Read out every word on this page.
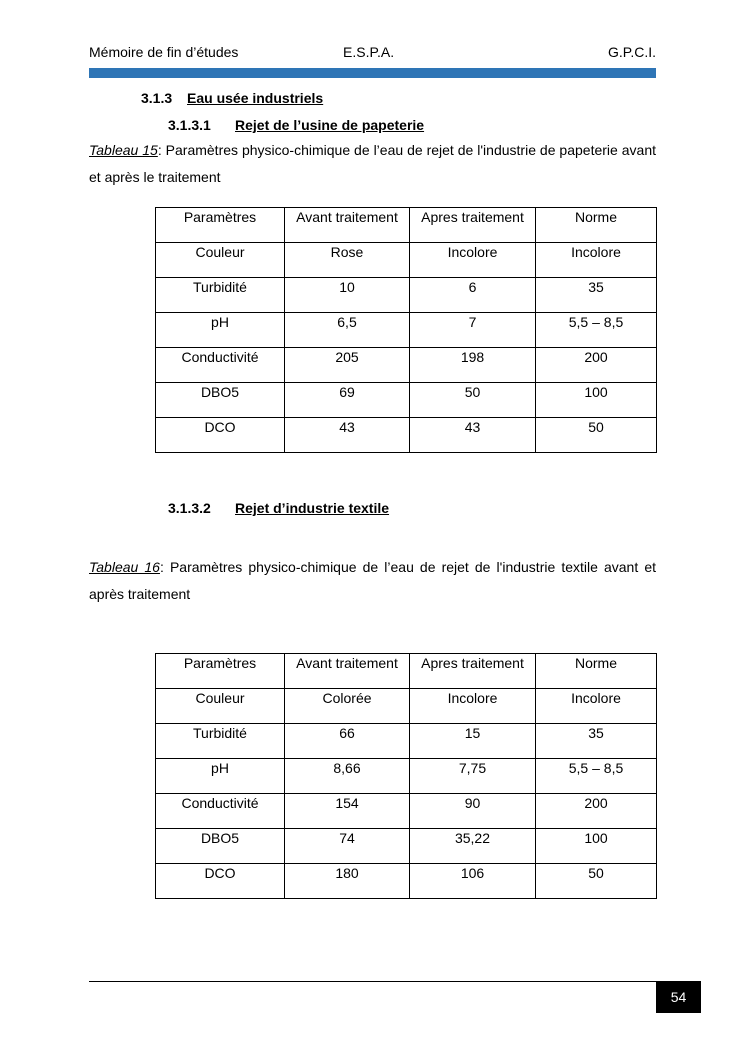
Mémoire de fin d’études	E.S.P.A.	G.P.C.I.
3.1.3 Eau usée industriels
3.1.3.1 Rejet de l’usine de papeterie
Tableau 15: Paramètres physico-chimique de l’eau de rejet de l'industrie de papeterie avant et après le traitement
Paramètres	Avant traitement	Apres traitement	Norme
Couleur	Rose	Incolore	Incolore
Turbidité	10	6	35
pH	6,5	7	5,5 – 8,5
Conductivité	205	198	200
DBO5	69	50	100
DCO	43	43	50
3.1.3.2 Rejet d’industrie textile
Tableau 16: Paramètres physico-chimique de l’eau de rejet de l'industrie textile avant et après traitement
Paramètres	Avant traitement	Apres traitement	Norme
Couleur	Colorée	Incolore	Incolore
Turbidité	66	15	35
pH	8,66	7,75	5,5 – 8,5
Conductivité	154	90	200
DBO5	74	35,22	100
DCO	180	106	50
54
